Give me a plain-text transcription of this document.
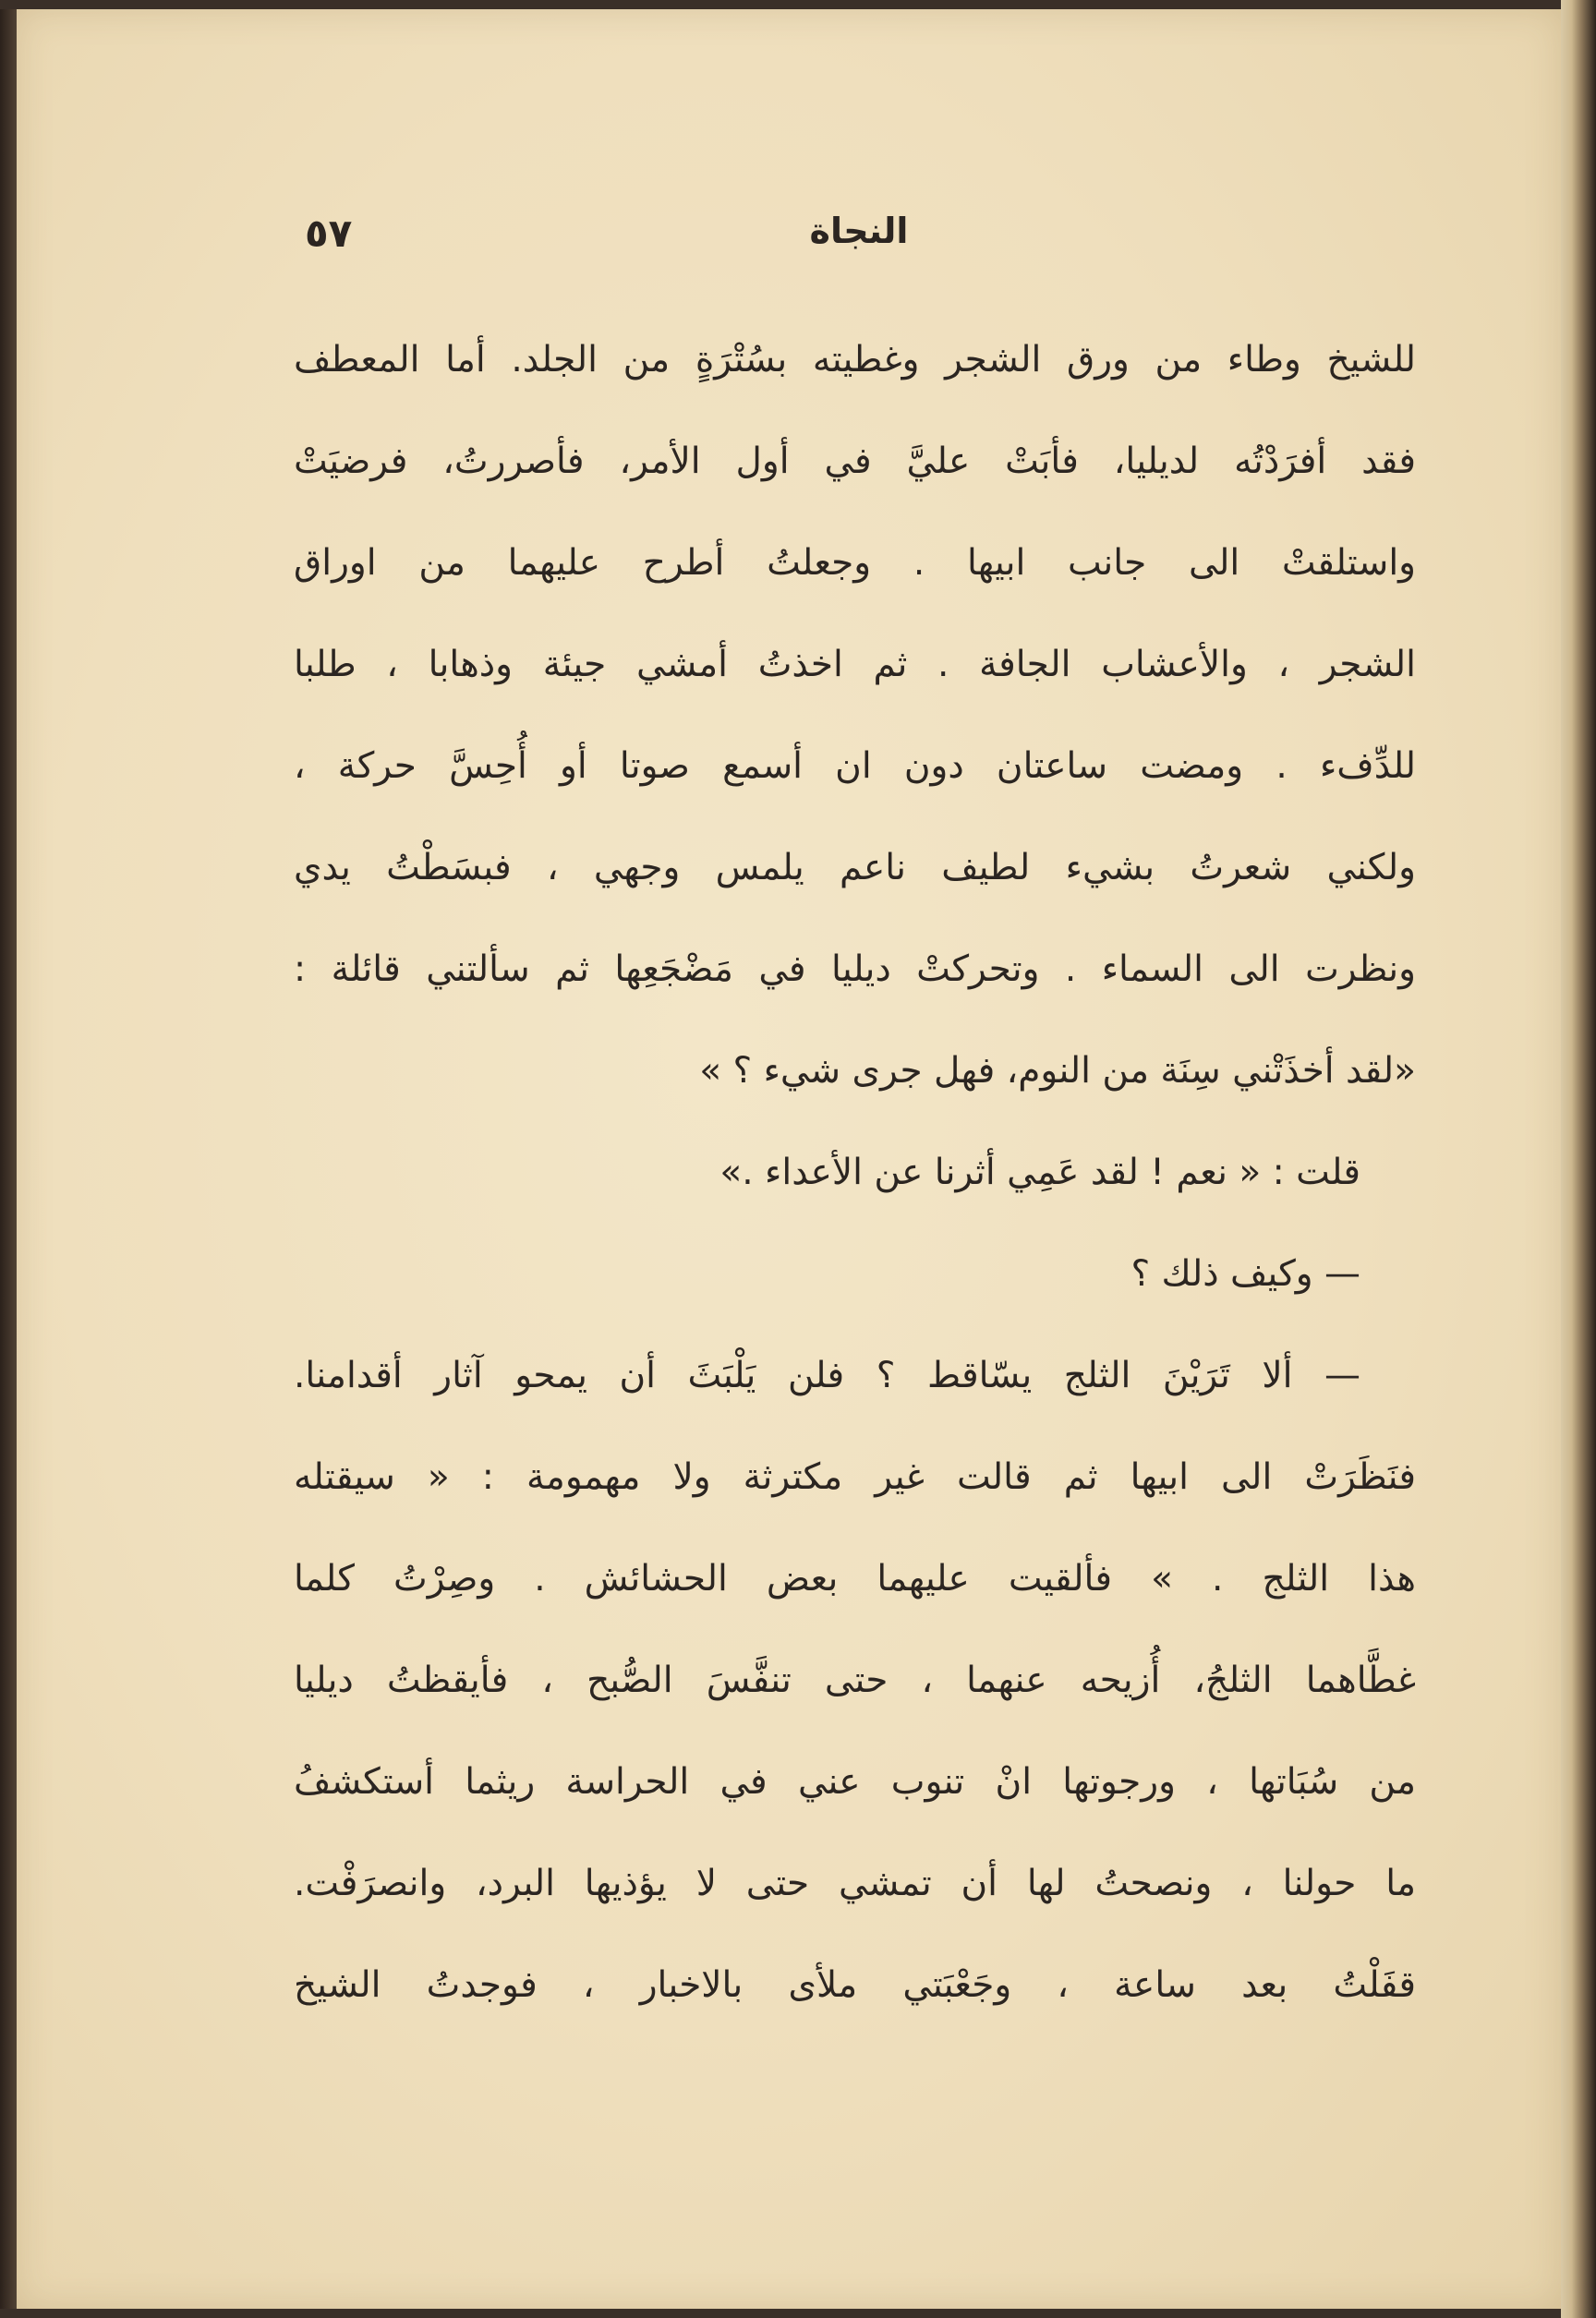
٥٧	النجاة
للشيخ وطاء من ورق الشجر وغطيته بسُتْرَةٍ من الجلد. أما المعطف
فقد أفرَدْتُه لديليا، فأبَتْ عليَّ في أول الأمر، فأصررتُ، فرضيَتْ
واستلقتْ الى جانب ابيها . وجعلتُ أطرح عليهما من اوراق
الشجر ، والأعشاب الجافة . ثم اخذتُ أمشي جيئة وذهابا ، طلبا
للدِّفء . ومضت ساعتان دون ان أسمع صوتا أو أُحِسَّ حركة ،
ولكني شعرتُ بشيء لطيف ناعم يلمس وجهي ، فبسَطْتُ يدي
ونظرت الى السماء . وتحركتْ ديليا في مَضْجَعِها ثم سألتني قائلة :
«لقد أخذَتْني سِنَة من النوم، فهل جرى شيء ؟ »
قلت : « نعم ! لقد عَمِي أثرنا عن الأعداء .»
— وكيف ذلك ؟
— ألا تَرَيْنَ الثلج يسّاقط ؟ فلن يَلْبَثَ أن يمحو آثار أقدامنا.
فنَظَرَتْ الى ابيها ثم قالت غير مكترثة ولا مهمومة : « سيقتله
هذا الثلج . » فألقيت عليهما بعض الحشائش . وصِرْتُ كلما
غطَّاهما الثلجُ، أُزيحه عنهما ، حتى تنفَّسَ الصُّبح ، فأيقظتُ ديليا
من سُبَاتها ، ورجوتها انْ تنوب عني في الحراسة ريثما أستكشفُ
ما حولنا ، ونصحتُ لها أن تمشي حتى لا يؤذيها البرد، وانصرَفْت.
قفَلْتُ بعد ساعة ، وجَعْبَتي ملأى بالاخبار ، فوجدتُ الشيخ
